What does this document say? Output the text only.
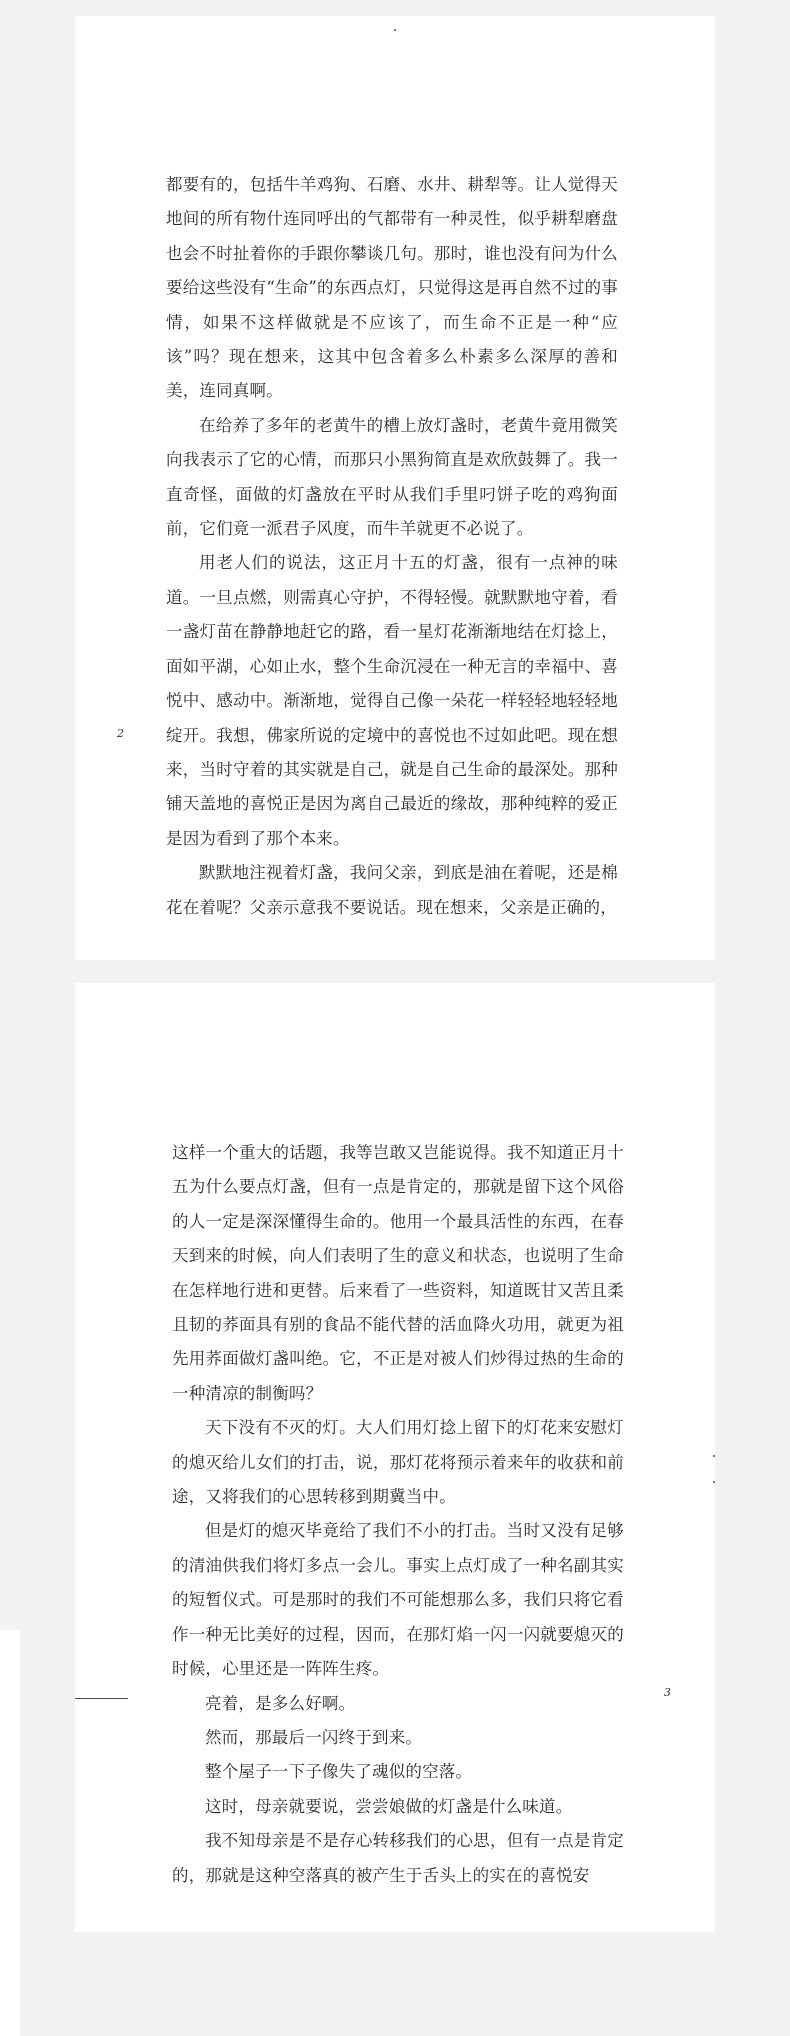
都要有的，包括牛羊鸡狗、石磨、水井、耕犁等。让人觉得天地间的所有物什连同呼出的气都带有一种灵性，似乎耕犁磨盘也会不时扯着你的手跟你攀谈几句。那时，谁也没有问为什么要给这些没有“生命”的东西点灯，只觉得这是再自然不过的事情，如果不这样做就是不应该了，而生命不正是一种“应该”吗？现在想来，这其中包含着多么朴素多么深厚的善和美，连同真啊。

在给养了多年的老黄牛的槽上放灯盏时，老黄牛竟用微笑向我表示了它的心情，而那只小黑狗简直是欢欣鼓舞了。我一直奇怪，面做的灯盏放在平时从我们手里叼饼子吃的鸡狗面前，它们竟一派君子风度，而牛羊就更不必说了。

用老人们的说法，这正月十五的灯盏，很有一点神的味道。一旦点燃，则需真心守护，不得轻慢。就默默地守着，看一盏灯苗在静静地赶它的路，看一星灯花渐渐地结在灯捻上，面如平湖，心如止水，整个生命沉浸在一种无言的幸福中、喜悦中、感动中。渐渐地，觉得自己像一朵花一样轻轻地轻轻地绽开。我想，佛家所说的定境中的喜悦也不过如此吧。现在想来，当时守着的其实就是自己，就是自己生命的最深处。那种铺天盖地的喜悦正是因为离自己最近的缘故，那种纯粹的爱正是因为看到了那个本来。

默默地注视着灯盏，我问父亲，到底是油在着呢，还是棉花在着呢？父亲示意我不要说话。现在想来，父亲是正确的，

2

这样一个重大的话题，我等岂敢又岂能说得。我不知道正月十五为什么要点灯盏，但有一点是肯定的，那就是留下这个风俗的人一定是深深懂得生命的。他用一个最具活性的东西，在春天到来的时候，向人们表明了生的意义和状态，也说明了生命在怎样地行进和更替。后来看了一些资料，知道既甘又苦且柔且韧的荞面具有别的食品不能代替的活血降火功用，就更为祖先用荞面做灯盏叫绝。它，不正是对被人们炒得过热的生命的一种清凉的制衡吗？

天下没有不灭的灯。大人们用灯捻上留下的灯花来安慰灯的熄灭给儿女们的打击，说，那灯花将预示着来年的收获和前途，又将我们的心思转移到期冀当中。

但是灯的熄灭毕竟给了我们不小的打击。当时又没有足够的清油供我们将灯多点一会儿。事实上点灯成了一种名副其实的短暂仪式。可是那时的我们不可能想那么多，我们只将它看作一种无比美好的过程，因而，在那灯焰一闪一闪就要熄灭的时候，心里还是一阵阵生疼。

亮着，是多么好啊。

然而，那最后一闪终于到来。

整个屋子一下子像失了魂似的空落。

这时，母亲就要说，尝尝娘做的灯盏是什么味道。

我不知母亲是不是存心转移我们的心思，但有一点是肯定的，那就是这种空落真的被产生于舌头上的实在的喜悦安

3
